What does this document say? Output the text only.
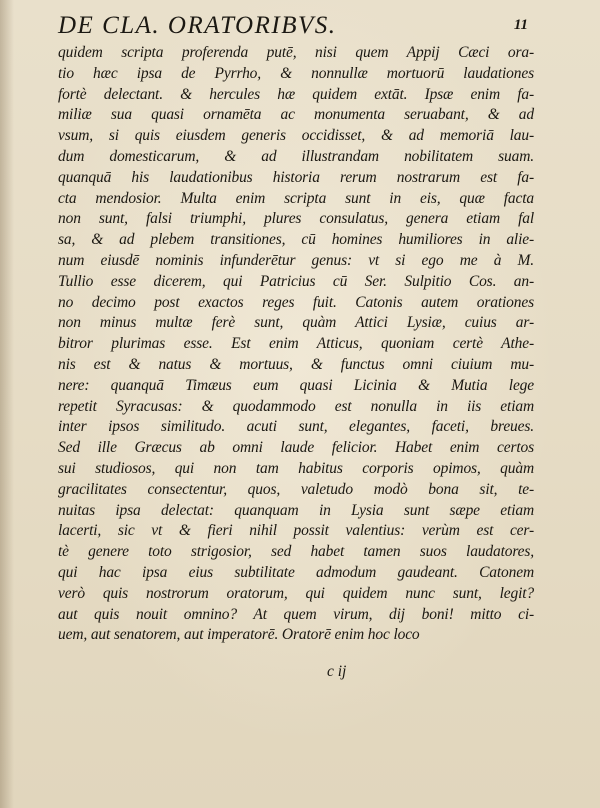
DE CLA. ORATORIBVS.	11
quidem scripta proferenda putē, nisi quem Appij Cæci ora-
tio hæc ipsa de Pyrrho, & nonnullæ mortuorū laudationes
fortè delectant. & hercules hæ quidem extāt. Ipsæ enim fa-
miliæ sua quasi ornamēta ac monumenta seruabant, & ad
vsum, si quis eiusdem generis occidisset, & ad memoriā lau-
dum domesticarum, & ad illustrandam nobilitatem suam.
quanquā his laudationibus historia rerum nostrarum est fa-
cta mendosior. Multa enim scripta sunt in eis, quæ facta
non sunt, falsi triumphi, plures consulatus, genera etiam fal
sa, & ad plebem transitiones, cū homines humiliores in alie-
num eiusdē nominis infunderētur genus: vt si ego me à M.
Tullio esse dicerem, qui Patricius cū Ser. Sulpitio Cos. an-
no decimo post exactos reges fuit. Catonis autem orationes
non minus multæ ferè sunt, quàm Attici Lysiæ, cuius ar-
bitror plurimas esse. Est enim Atticus, quoniam certè Athe-
nis est & natus & mortuus, & functus omni ciuium mu-
nere: quanquā Timæus eum quasi Licinia & Mutia lege
repetit Syracusas: & quodammodo est nonulla in iis etiam
inter ipsos similitudo. acuti sunt, elegantes, faceti, breues.
Sed ille Græcus ab omni laude felicior. Habet enim certos
sui studiosos, qui non tam habitus corporis opimos, quàm
gracilitates consectentur, quos, valetudo modò bona sit, te-
nuitas ipsa delectat: quanquam in Lysia sunt sæpe etiam
lacerti, sic vt & fieri nihil possit valentius: verùm est cer-
tè genere toto strigosior, sed habet tamen suos laudatores,
qui hac ipsa eius subtilitate admodum gaudeant. Catonem
verò quis nostrorum oratorum, qui quidem nunc sunt, legit?
aut quis nouit omnino? At quem virum, dij boni! mitto ci-
uem, aut senatorem, aut imperatorē. Oratorē enim hoc loco
c ij
